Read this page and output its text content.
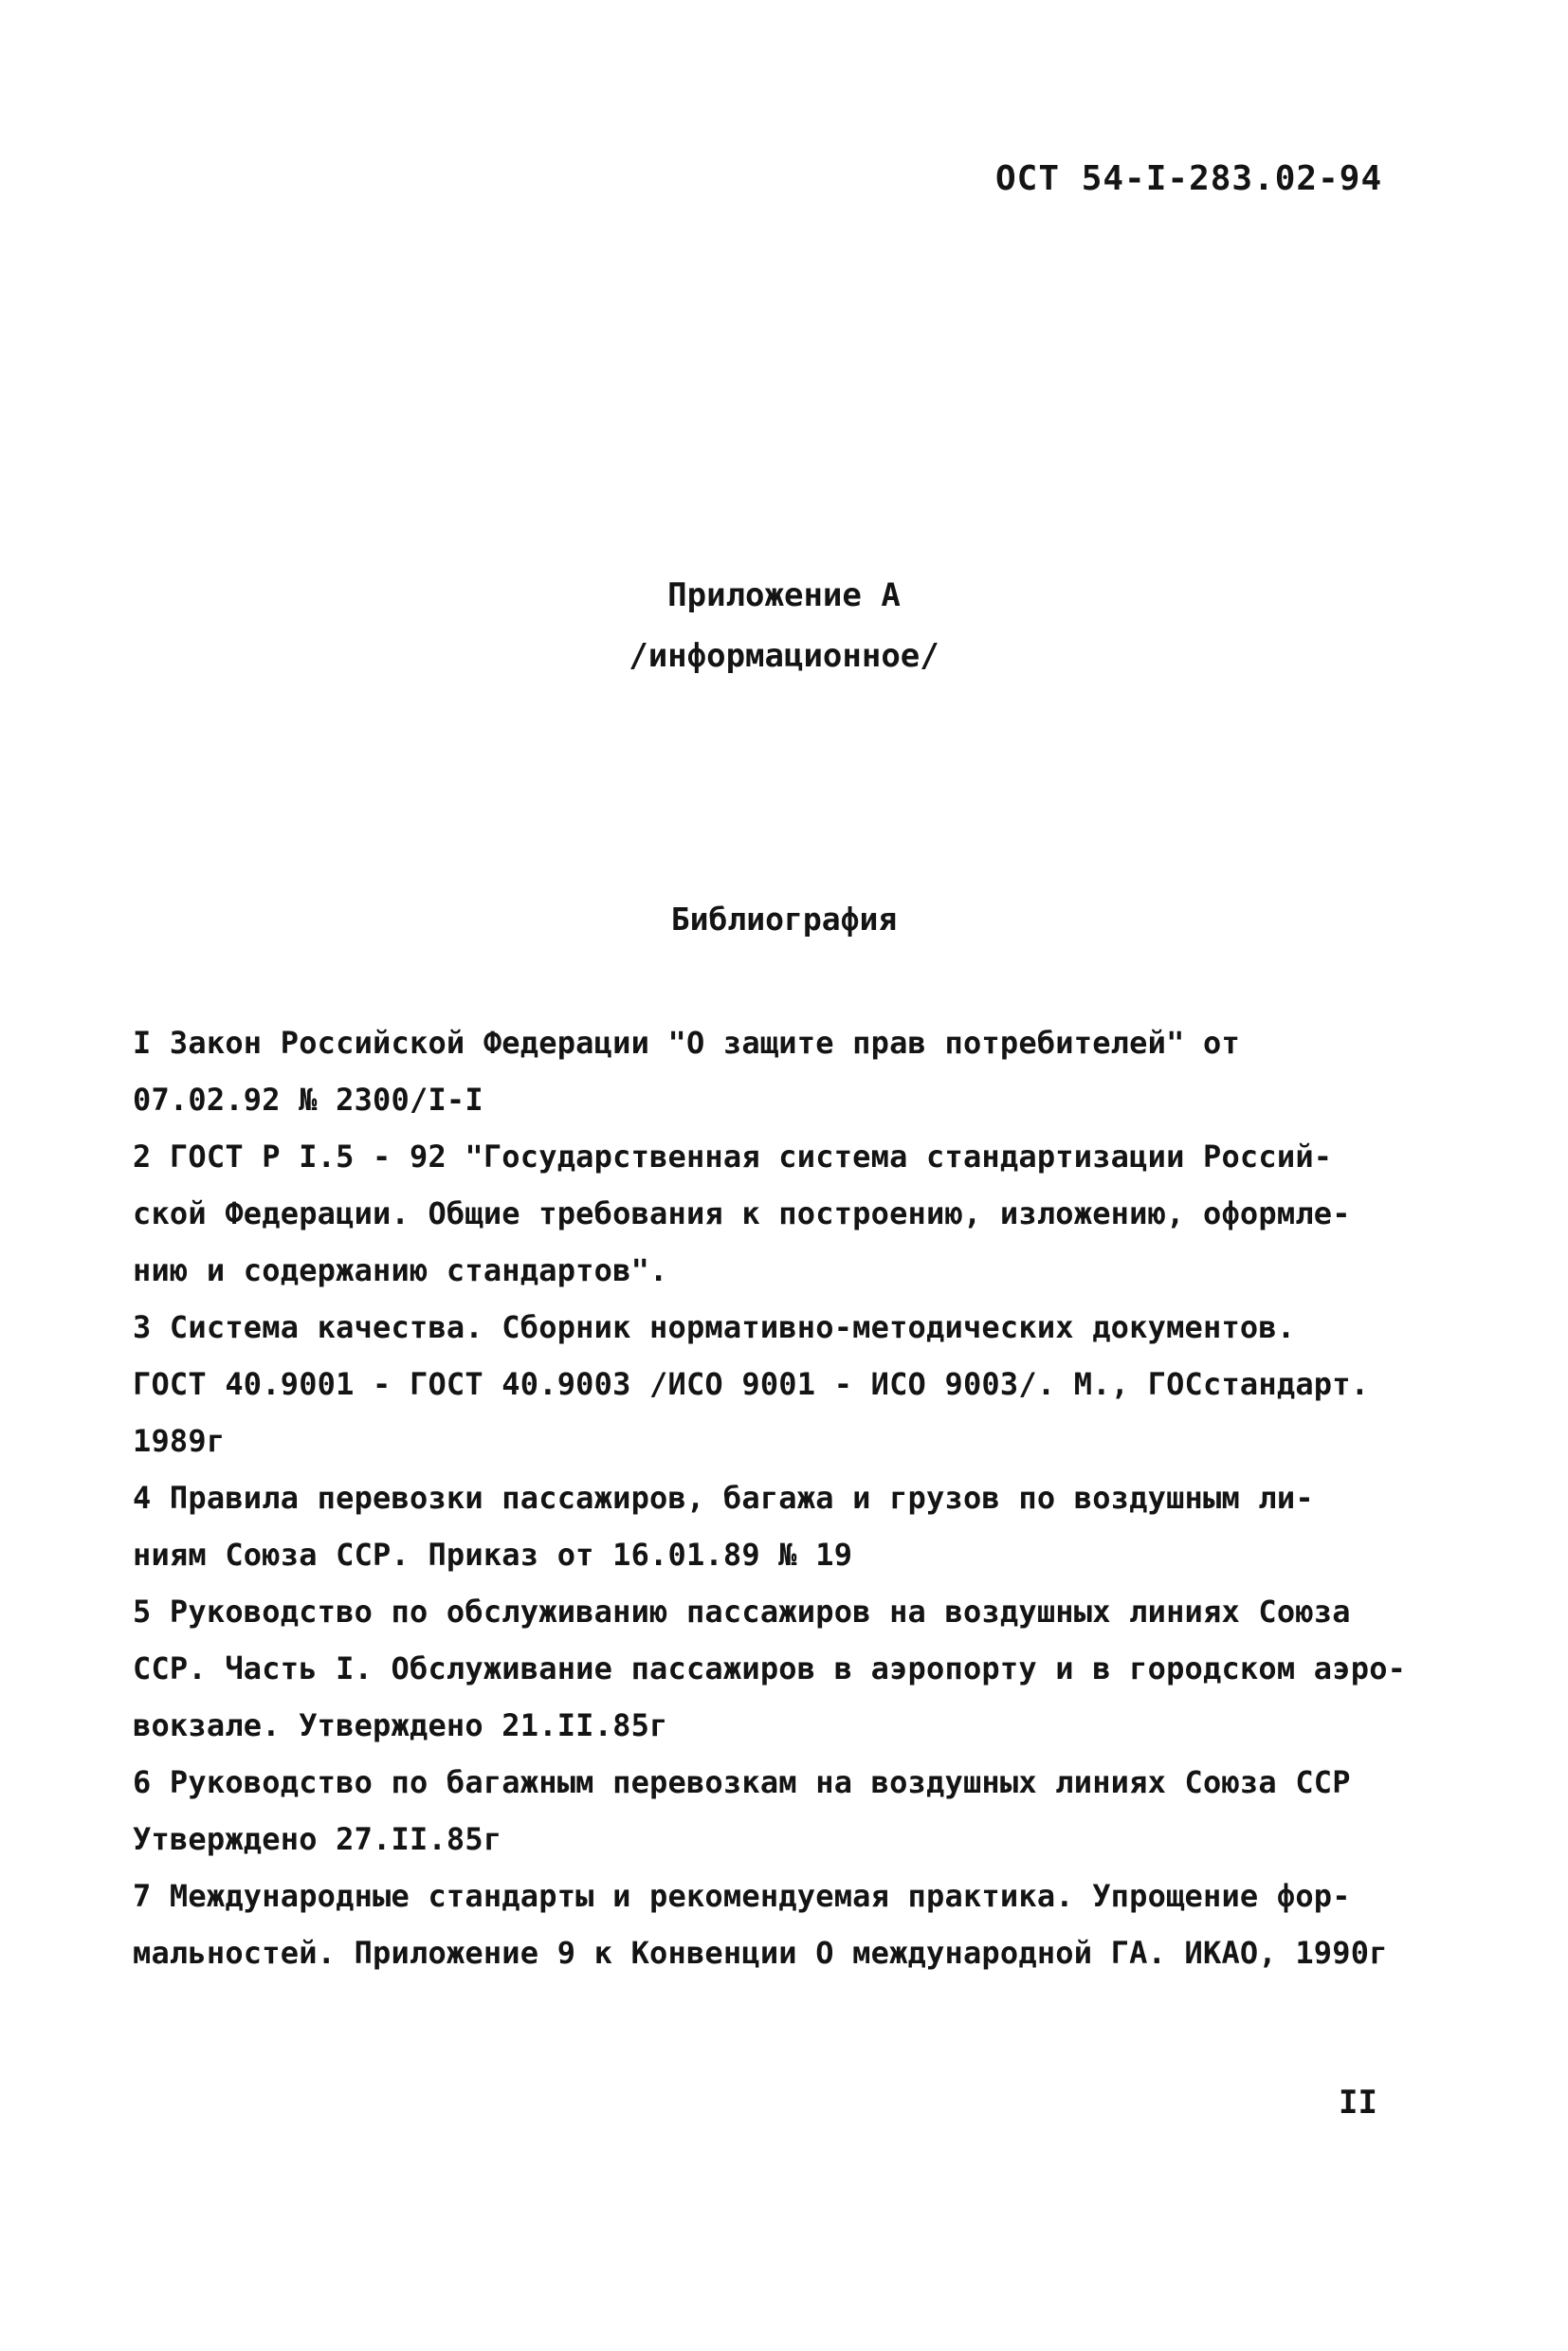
ОСТ 54-I-283.02-94
Приложение А
/информационное/
Библиография
I Закон Российской Федерации "О защите прав потребителей" от
07.02.92 № 2300/I-I
2 ГОСТ Р I.5 - 92 "Государственная система стандартизации Россий-
ской Федерации. Общие требования к построению, изложению, оформле-
нию и содержанию стандартов".
3 Система качества. Сборник нормативно-методических документов.
ГОСТ 40.9001 - ГОСТ 40.9003 /ИСО 9001 - ИСО 9003/. М., ГОСстандарт.
1989г
4 Правила перевозки пассажиров, багажа и грузов по воздушным ли-
ниям Союза ССР. Приказ от 16.01.89 № 19
5 Руководство по обслуживанию пассажиров на воздушных линиях Союза
ССР. Часть I. Обслуживание пассажиров в аэропорту и в городском аэро-
вокзале. Утверждено 21.II.85г
6 Руководство по багажным перевозкам на воздушных линиях Союза ССР
Утверждено 27.II.85г
7 Международные стандарты и рекомендуемая практика. Упрощение фор-
мальностей. Приложение 9 к Конвенции О международной ГА. ИКАО, 1990г
II
